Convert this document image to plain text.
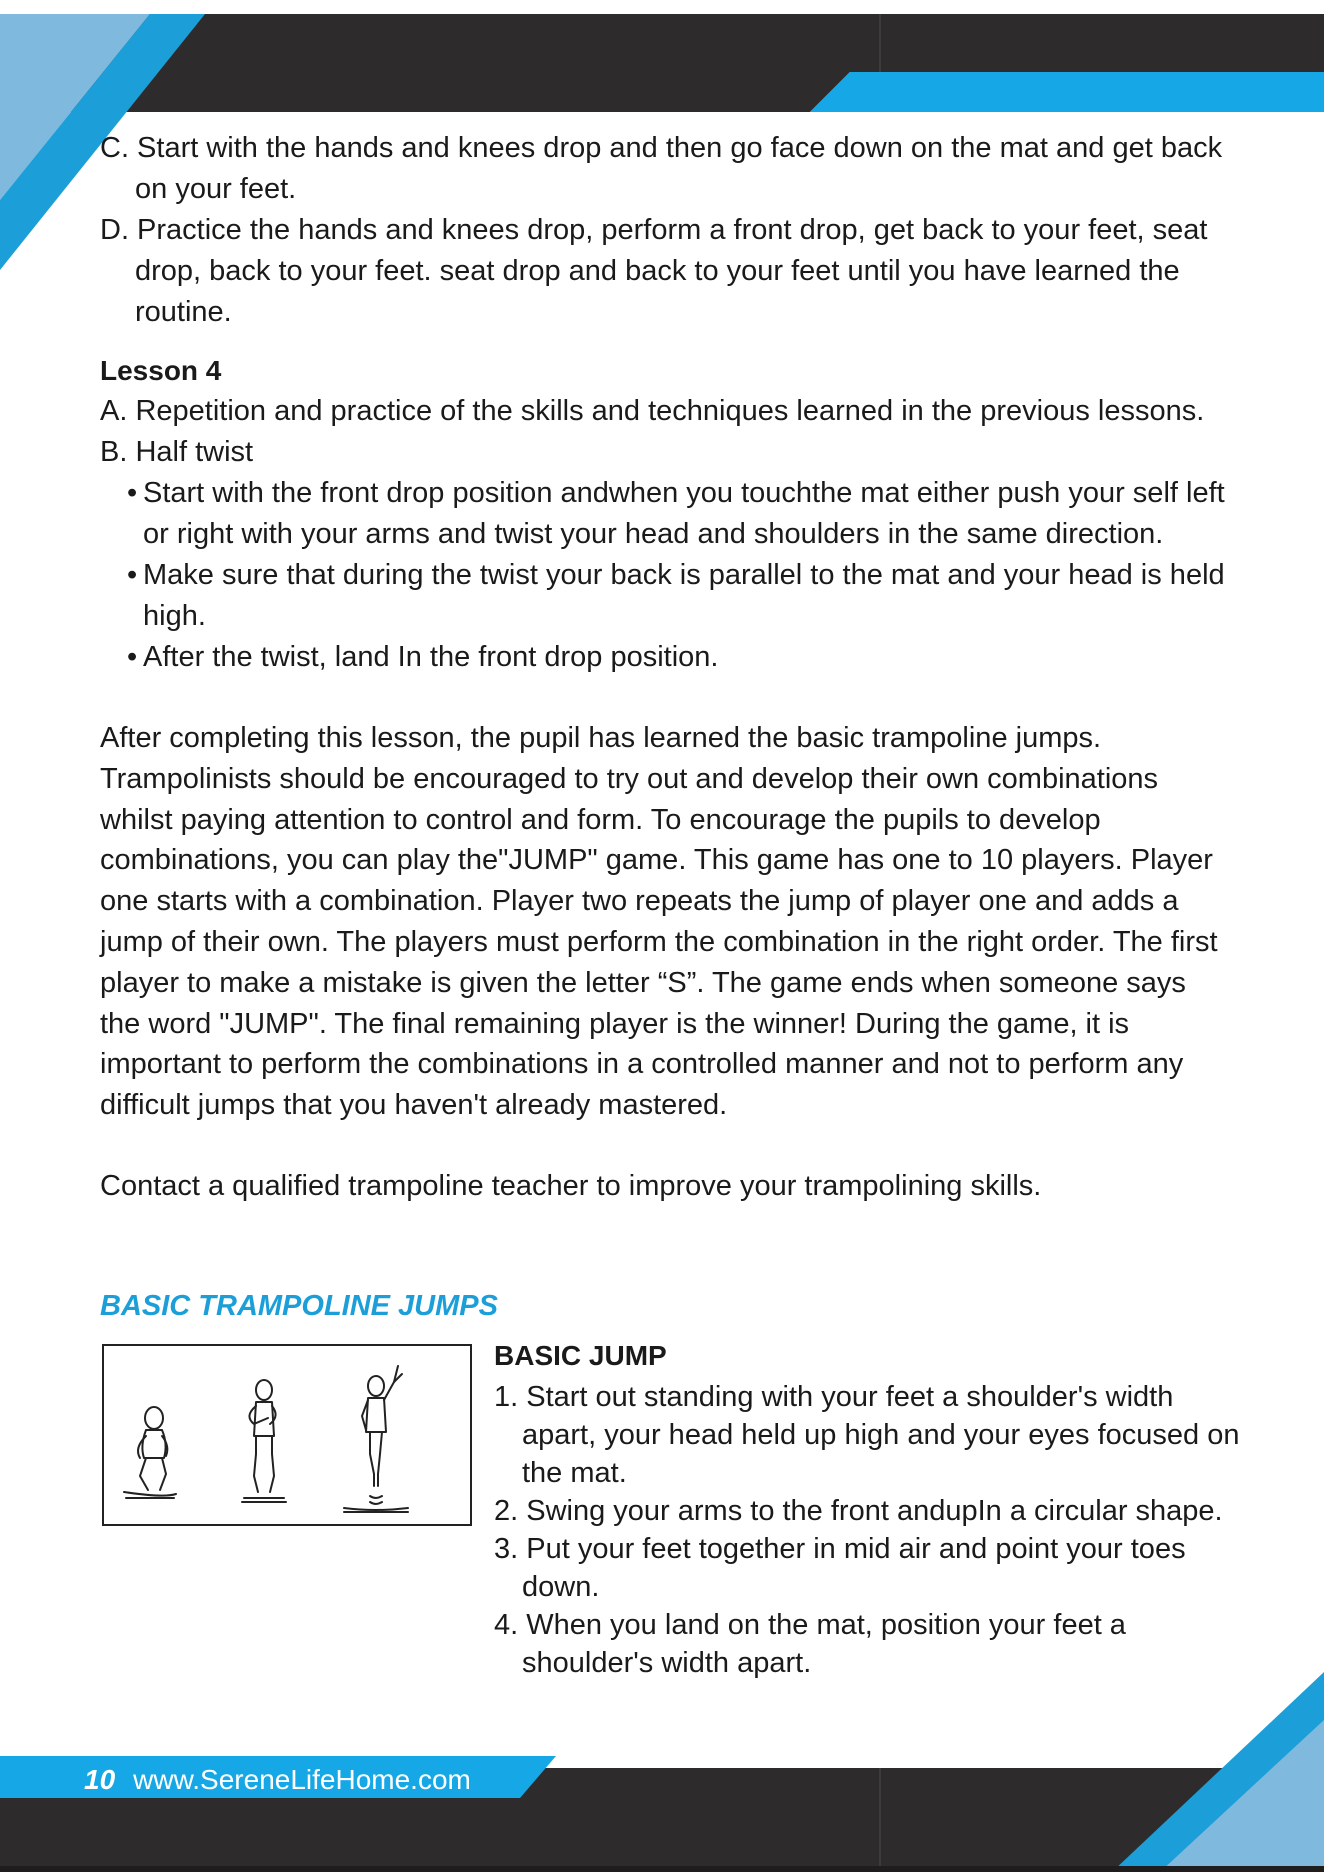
C. Start with the hands and knees drop and then go face down on the mat and get back on your feet.
D. Practice the hands and knees drop, perform a front drop, get back to your feet, seat drop, back to your feet. seat drop and back to your feet until you have learned the routine.
Lesson 4
A. Repetition and practice of the skills and techniques learned in the previous lessons.
B. Half twist
• Start with the front drop position andwhen you touchthe mat either push your self left or right with your arms and twist your head and shoulders in the same direction.
• Make sure that during the twist your back is parallel to the mat and your head is held high.
• After the twist, land In the front drop position.

After completing this lesson, the pupil has learned the basic trampoline jumps. Trampolinists should be encouraged to try out and develop their own combinations whilst paying attention to control and form. To encourage the pupils to develop combinations, you can play the"JUMP" game. This game has one to 10 players. Player one starts with a combination. Player two repeats the jump of player one and adds a jump of their own. The players must perform the combination in the right order. The first player to make a mistake is given the letter “S”. The game ends when someone says the word "JUMP". The final remaining player is the winner! During the game, it is important to perform the combinations in a controlled manner and not to perform any difficult jumps that you haven't already mastered.

Contact a qualified trampoline teacher to improve your trampolining skills.

BASIC TRAMPOLINE JUMPS
BASIC JUMP
1. Start out standing with your feet a shoulder's width apart, your head held up high and your eyes focused on the mat.
2. Swing your arms to the front andupIn a circular shape.
3. Put your feet together in mid air and point your toes down.
4. When you land on the mat, position your feet a shoulder's width apart.
10 www.SereneLifeHome.com
